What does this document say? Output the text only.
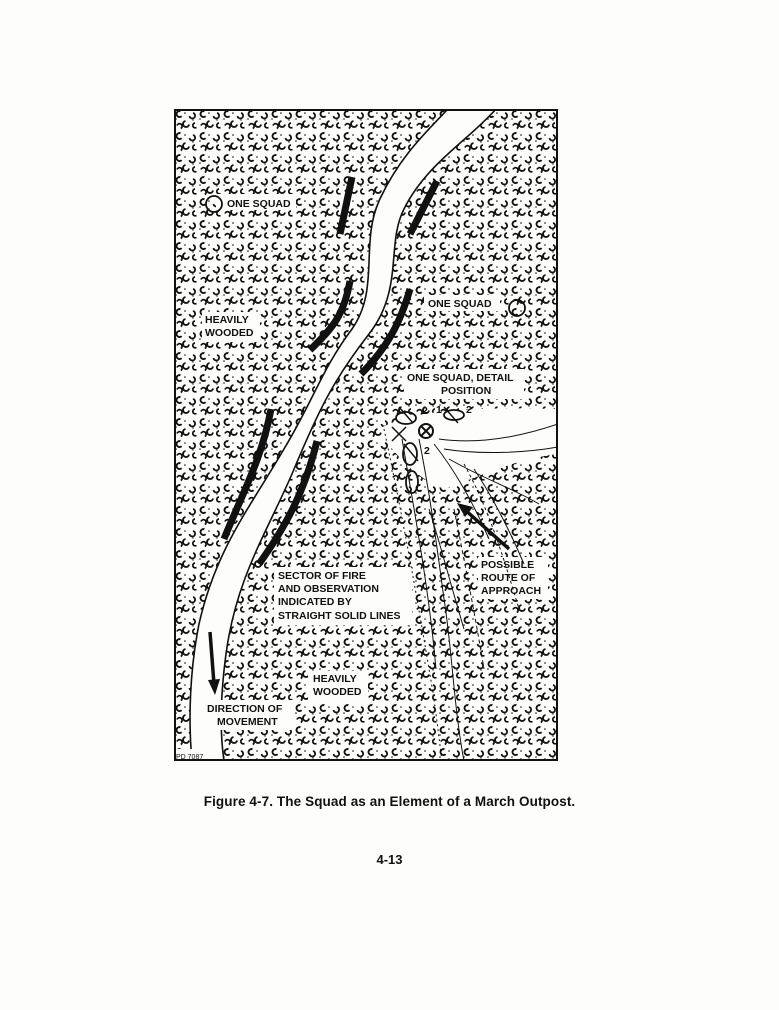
ONE SQUAD
HEAVILY
WOODED
ONE SQUAD
ONE SQUAD, DETAIL
POSITION
2 1 2
2
SECTOR OF FIRE
AND OBSERVATION
INDICATED BY
STRAIGHT SOLID LINES
POSSIBLE
ROUTE OF
APPROACH
HEAVILY
WOODED
DIRECTION OF
MOVEMENT
PD 7087
Figure 4-7. The Squad as an Element of a March Outpost.
4-13
